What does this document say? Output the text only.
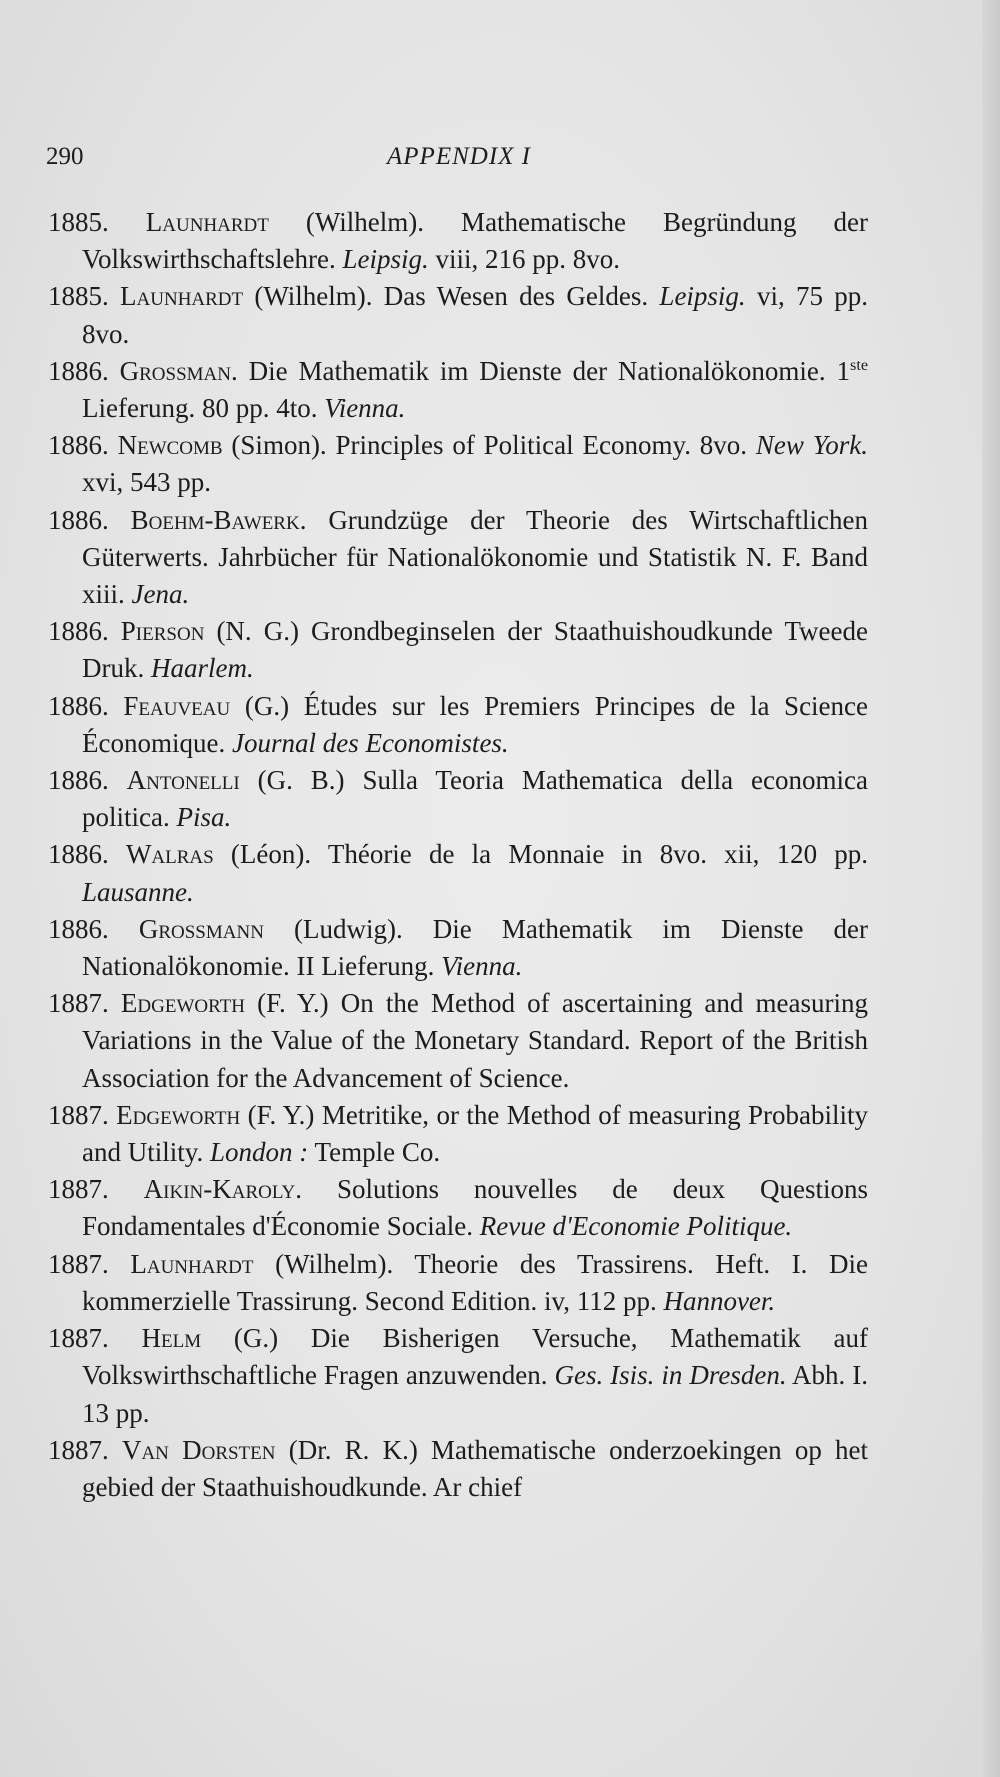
290	APPENDIX I
1885. Launhardt (Wilhelm). Mathematische Begründung der Volkswirthschaftslehre. Leipsig. viii, 216 pp. 8vo.
1885. Launhardt (Wilhelm). Das Wesen des Geldes. Leipsig. vi, 75 pp. 8vo.
1886. Grossman. Die Mathematik im Dienste der Nationalökonomie. 1ste Lieferung. 80 pp. 4to. Vienna.
1886. Newcomb (Simon). Principles of Political Economy. 8vo. New York. xvi, 543 pp.
1886. Boehm-Bawerk. Grundzüge der Theorie des Wirtschaftlichen Güterwerts. Jahrbücher für Nationalökonomie und Statistik N. F. Band xiii. Jena.
1886. Pierson (N. G.) Grondbeginselen der Staathuishoudkunde Tweede Druk. Haarlem.
1886. Feauveau (G.) Études sur les Premiers Principes de la Science Économique. Journal des Economistes.
1886. Antonelli (G. B.) Sulla Teoria Mathematica della economica politica. Pisa.
1886. Walras (Léon). Théorie de la Monnaie in 8vo. xii, 120 pp. Lausanne.
1886. Grossmann (Ludwig). Die Mathematik im Dienste der Nationalökonomie. II Lieferung. Vienna.
1887. Edgeworth (F. Y.) On the Method of ascertaining and measuring Variations in the Value of the Monetary Standard. Report of the British Association for the Advancement of Science.
1887. Edgeworth (F. Y.) Metritike, or the Method of measuring Probability and Utility. London : Temple Co.
1887. Aikin-Karoly. Solutions nouvelles de deux Questions Fondamentales d'Économie Sociale. Revue d'Economie Politique.
1887. Launhardt (Wilhelm). Theorie des Trassirens. Heft. I. Die kommerzielle Trassirung. Second Edition. iv, 112 pp. Hannover.
1887. Helm (G.) Die Bisherigen Versuche, Mathematik auf Volkswirthschaftliche Fragen anzuwenden. Ges. Isis. in Dresden. Abh. I. 13 pp.
1887. Van Dorsten (Dr. R. K.) Mathematische onderzoekingen op het gebied der Staathuishoudkunde. Ar chief
